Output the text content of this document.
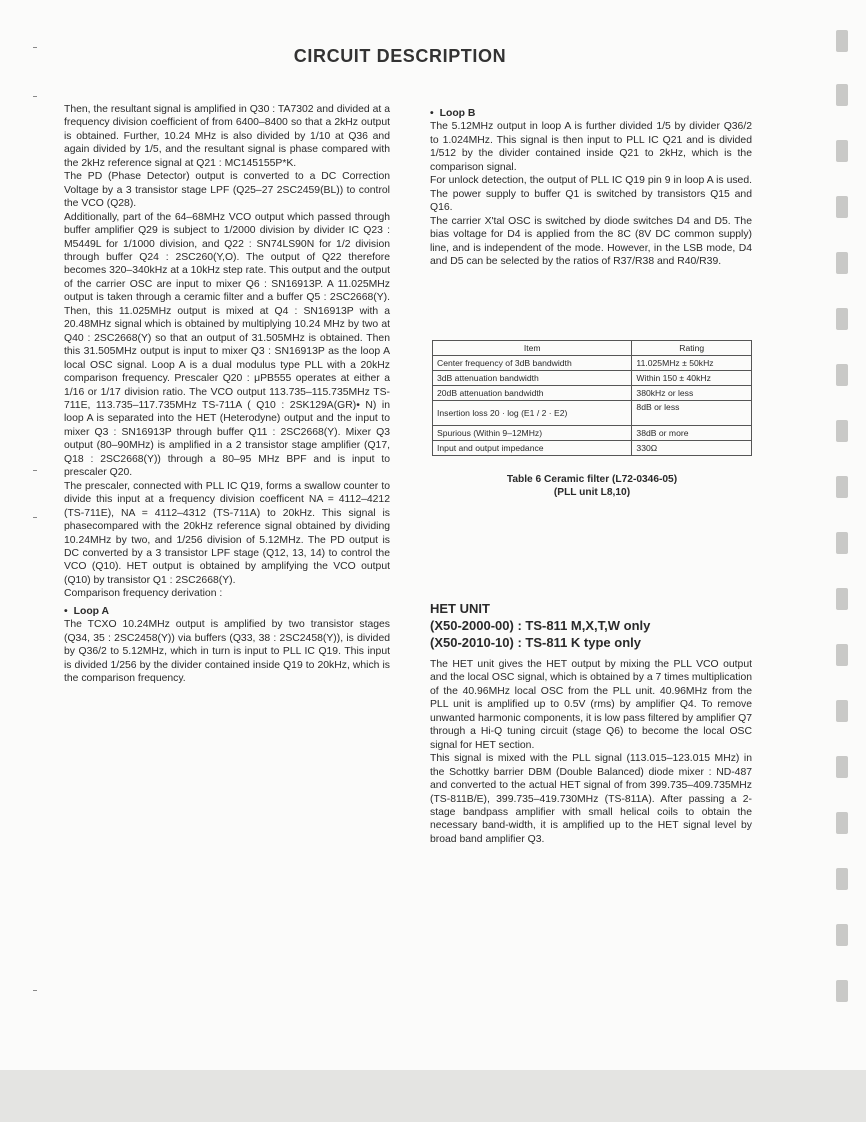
CIRCUIT DESCRIPTION

Then, the resultant signal is amplified in Q30 : TA7302 and divided at a frequency division coefficient of from 6400–8400 so that a 2kHz output is obtained. Further, 10.24 MHz is also divided by 1/10 at Q36 and again divided by 1/5, and the resultant signal is phase compared with the 2kHz reference signal at Q21 : MC145155P*K.

The PD (Phase Detector) output is converted to a DC Correction Voltage by a 3 transistor stage LPF (Q25–27 2SC2459(BL)) to control the VCO (Q28).

Additionally, part of the 64–68MHz VCO output which passed through buffer amplifier Q29 is subject to 1/2000 division by divider IC Q23 : M5449L for 1/1000 division, and Q22 : SN74LS90N for 1/2 division through buffer Q24 : 2SC260(Y,O). The output of Q22 therefore becomes 320–340kHz at a 10kHz step rate. This output and the output of the carrier OSC are input to mixer Q6 : SN16913P. A 11.025MHz output is taken through a ceramic filter and a buffer Q5 : 2SC2668(Y). Then, this 11.025MHz output is mixed at Q4 : SN16913P with a 20.48MHz signal which is obtained by multiplying 10.24 MHz by two at Q40 : 2SC2668(Y) so that an output of 31.505MHz is obtained. Then this 31.505MHz output is input to mixer Q3 : SN16913P as the loop A local OSC signal. Loop A is a dual modulus type PLL with a 20kHz comparison frequency. Prescaler Q20 : μPB555 operates at either a 1/16 or 1/17 division ratio. The VCO output 113.735–115.735MHz TS-711E, 113.735–117.735MHz TS-711A ( Q10 : 2SK129A(GR)• N) in loop A is separated into the HET (Heterodyne) output and the input to mixer Q3 : SN16913P through buffer Q11 : 2SC2668(Y). Mixer Q3 output (80–90MHz) is amplified in a 2 transistor stage amplifier (Q17, Q18 : 2SC2668(Y)) through a 80–95 MHz BPF and is input to prescaler Q20.

The prescaler, connected with PLL IC Q19, forms a swallow counter to divide this input at a frequency division coefficent NA = 4112–4212 (TS-711E), NA = 4112–4312 (TS-711A) to 20kHz. This signal is phasecompared with the 20kHz reference signal obtained by dividing 10.24MHz by two, and 1/256 division of 5.12MHz. The PD output is DC converted by a 3 transistor LPF stage (Q12, 13, 14) to control the VCO (Q10). HET output is obtained by amplifying the VCO output (Q10) by transistor Q1 : 2SC2668(Y).

Comparison frequency derivation :

• Loop A

The TCXO 10.24MHz output is amplified by two transistor stages (Q34, 35 : 2SC2458(Y)) via buffers (Q33, 38 : 2SC2458(Y)), is divided by Q36/2 to 5.12MHz, which in turn is input to PLL IC Q19. This input is divided 1/256 by the divider contained inside Q19 to 20kHz, which is the comparison frequency.

• Loop B

The 5.12MHz output in loop A is further divided 1/5 by divider Q36/2 to 1.024MHz. This signal is then input to PLL IC Q21 and is divided 1/512 by the divider contained inside Q21 to 2kHz, which is the comparison signal.

For unlock detection, the output of PLL IC Q19 pin 9 in loop A is used. The power supply to buffer Q1 is switched by transistors Q15 and Q16.

The carrier X'tal OSC is switched by diode switches D4 and D5. The bias voltage for D4 is applied from the 8C (8V DC common supply) line, and is independent of the mode. However, in the LSB mode, D4 and D5 can be selected by the ratios of R37/R38 and R40/R39.

Item	Rating
Center frequency of 3dB bandwidth	11.025MHz ± 50kHz
3dB attenuation bandwidth	Within 150 ± 40kHz
20dB attenuation bandwidth	380kHz or less
Insertion loss 20 · log (E1 / 2 · E2)	8dB or less
Spurious (Within 9–12MHz)	38dB or more
Input and output impedance	330Ω
Table 6 Ceramic filter (L72-0346-05)
(PLL unit L8,10)
HET UNIT
(X50-2000-00) : TS-811 M,X,T,W only
(X50-2010-10) : TS-811 K type only

The HET unit gives the HET output by mixing the PLL VCO output and the local OSC signal, which is obtained by a 7 times multiplication of the 40.96MHz local OSC from the PLL unit. 40.96MHz from the PLL unit is amplified up to 0.5V (rms) by amplifier Q4. To remove unwanted harmonic components, it is low pass filtered by amplifier Q7 through a Hi-Q tuning circuit (stage Q6) to become the local OSC signal for HET section.

This signal is mixed with the PLL signal (113.015–123.015 MHz) in the Schottky barrier DBM (Double Balanced) diode mixer : ND-487 and converted to the actual HET signal of from 399.735–409.735MHz (TS-811B/E), 399.735–419.730MHz (TS-811A). After passing a 2-stage bandpass amplifier with small helical coils to obtain the necessary band-width, it is amplified up to the HET signal level by broad band amplifier Q3.
